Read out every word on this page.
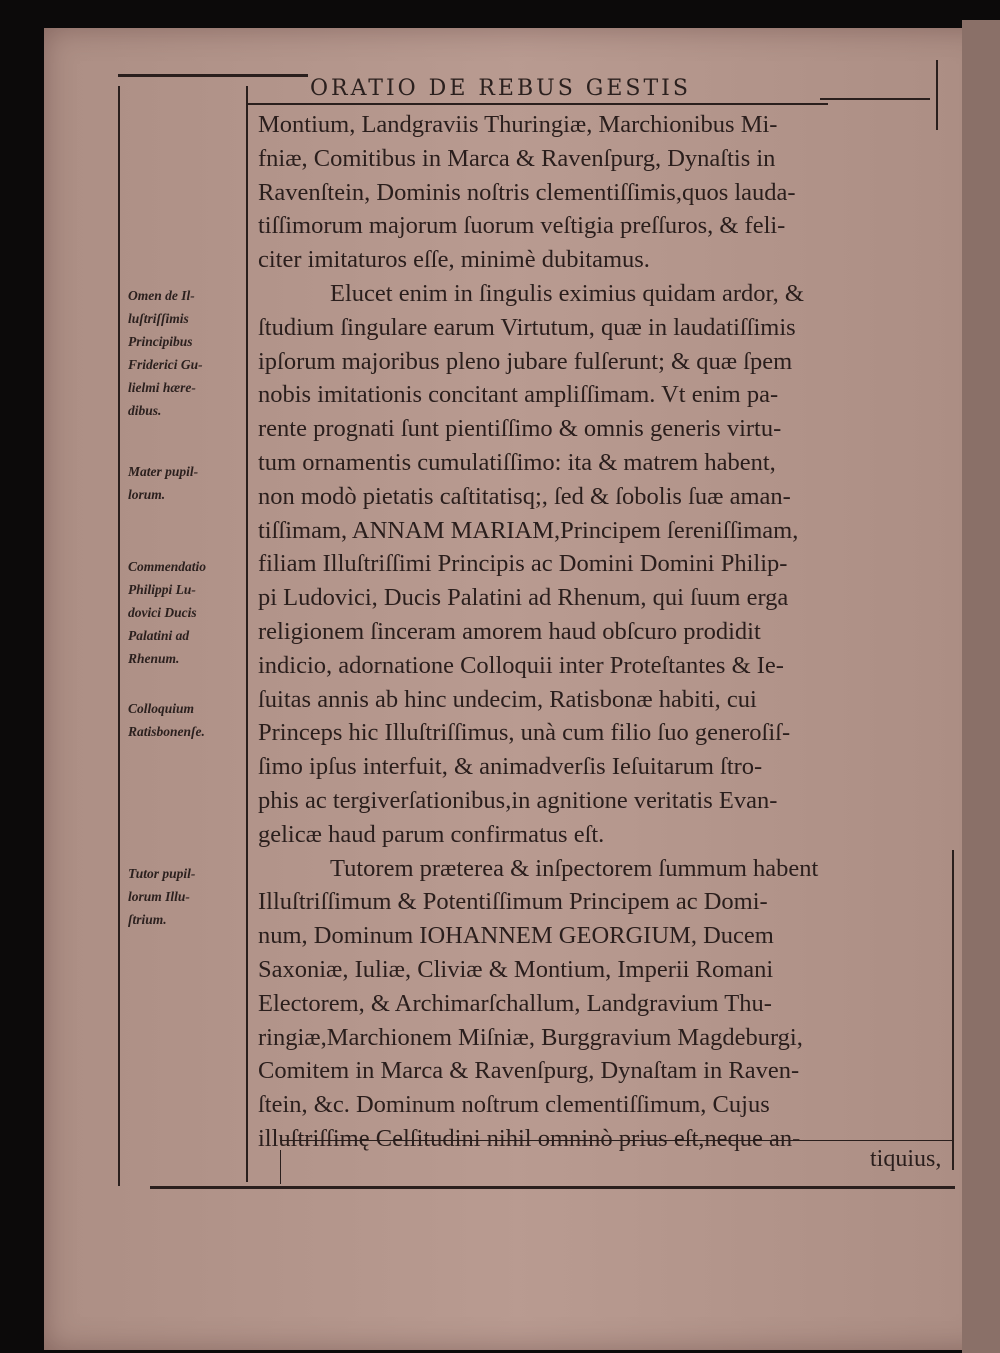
ORATIO DE REBUS GESTIS
Montium, Landgraviis Thuringiæ, Marchionibus Mi-
fniæ, Comitibus in Marca & Ravenſpurg, Dynaſtis in
Ravenſtein, Dominis noſtris clementiſſimis,quos lauda-
tiſſimorum majorum ſuorum veſtigia preſſuros, & feli-
citer imitaturos eſſe, minimè dubitamus.
Elucet enim in ſingulis eximius quidam ardor, &
ſtudium ſingulare earum Virtutum, quæ in laudatiſſimis
ipſorum majoribus pleno jubare fulſerunt; & quæ ſpem
nobis imitationis concitant ampliſſimam. Vt enim pa-
rente prognati ſunt pientiſſimo & omnis generis virtu-
tum ornamentis cumulatiſſimo: ita & matrem habent,
non modò pietatis caſtitatisq;, ſed & ſobolis ſuæ aman-
tiſſimam, ANNAM MARIAM,Principem ſereniſſimam,
filiam Illuſtriſſimi Principis ac Domini Domini Philip-
pi Ludovici, Ducis Palatini ad Rhenum, qui ſuum erga
religionem ſinceram amorem haud obſcuro prodidit
indicio, adornatione Colloquii inter Proteſtantes & Ie-
ſuitas annis ab hinc undecim, Ratisbonæ habiti, cui
Princeps hic Illuſtriſſimus, unà cum filio ſuo generoſiſ-
ſimo ipſus interfuit, & animadverſis Ieſuitarum ſtro-
phis ac tergiverſationibus,in agnitione veritatis Evan-
gelicæ haud parum confirmatus eſt.
Tutorem præterea & inſpectorem ſummum habent
Illuſtriſſimum & Potentiſſimum Principem ac Domi-
num, Dominum IOHANNEM GEORGIUM, Ducem
Saxoniæ, Iuliæ, Cliviæ & Montium, Imperii Romani
Electorem, & Archimarſchallum, Landgravium Thu-
ringiæ,Marchionem Miſniæ, Burggravium Magdeburgi,
Comitem in Marca & Ravenſpurg, Dynaſtam in Raven-
ſtein, &c. Dominum noſtrum clementiſſimum, Cujus
illuſtriſſimę Celſitudini nihil omninò prius eſt,neque an-
tiquius,
Omen de Il-
luſtriſſimis
Principibus
Friderici Gu-
lielmi hære-
dibus.
Mater pupil-
lorum.
Commendatio
Philippi Lu-
dovici Ducis
Palatini ad
Rhenum.
Colloquium
Ratisbonenſe.
Tutor pupil-
lorum Illu-
ſtrium.
